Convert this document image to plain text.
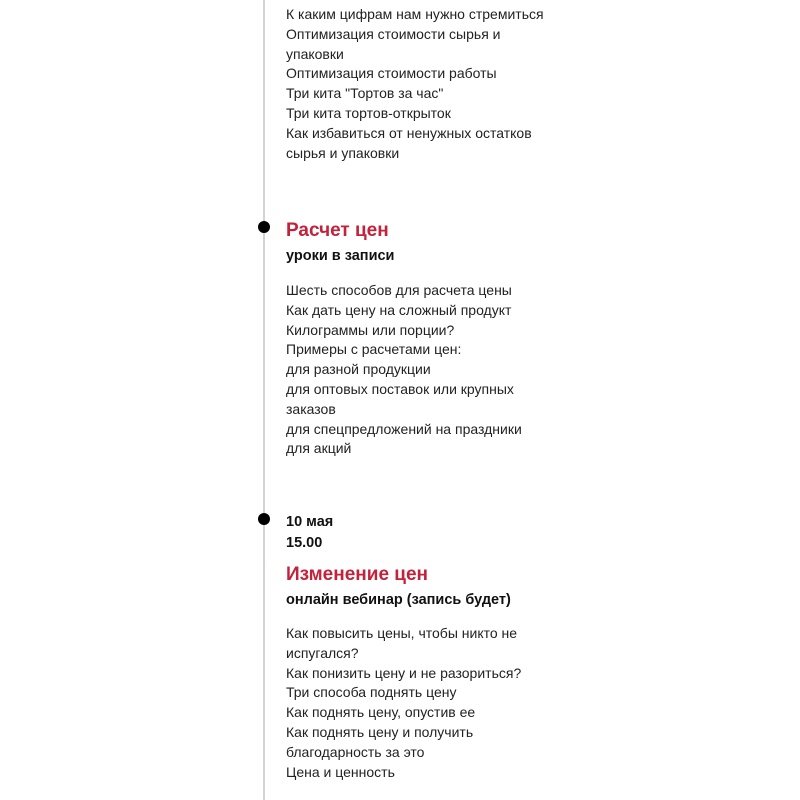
К каким цифрам нам нужно стремиться
Оптимизация стоимости сырья и
упаковки
Оптимизация стоимости работы
Три кита "Тортов за час"
Три кита тортов-открыток
Как избавиться от ненужных остатков
сырья и упаковки
Расчет цен
уроки в записи
Шесть способов для расчета цены
Как дать цену на сложный продукт
Килограммы или порции?
Примеры с расчетами цен:
для разной продукции
для оптовых поставок или крупных
заказов
для спецпредложений на праздники
для акций
10 мая
15.00
Изменение цен
онлайн вебинар (запись будет)
Как повысить цены, чтобы никто не
испугался?
Как понизить цену и не разориться?
Три способа поднять цену
Как поднять цену, опустив ее
Как поднять цену и получить
благодарность за это
Цена и ценность
